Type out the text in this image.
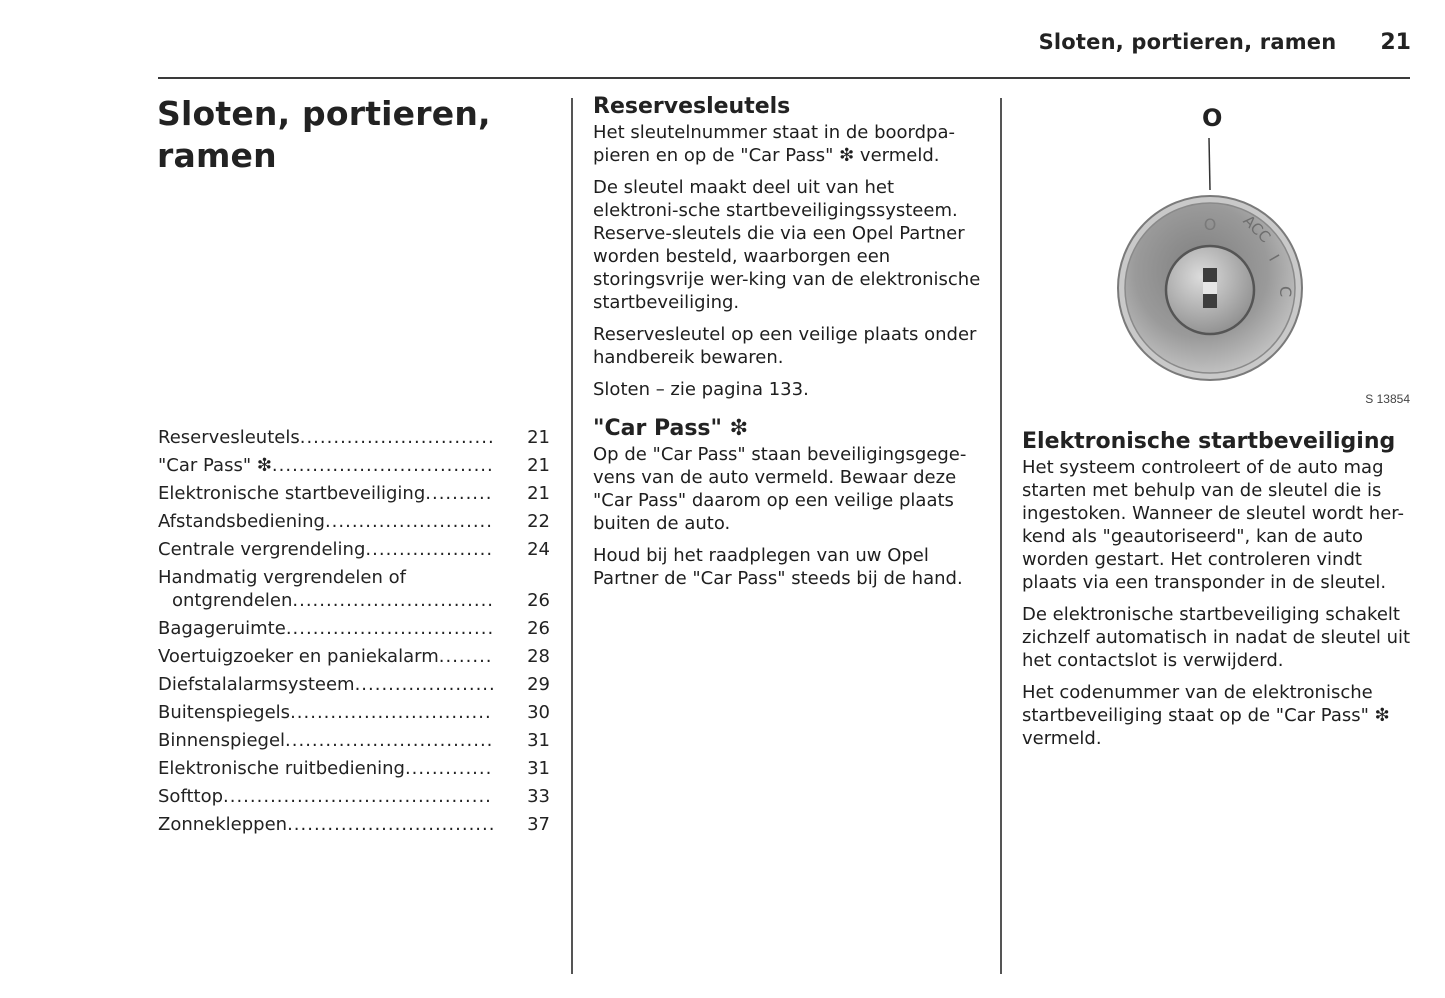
Sloten, portieren, ramen 21
Sloten, portieren, ramen
Reservesleutels .....	21
"Car Pass" ❇ .....	21
Elektronische startbeveiliging .....	21
Afstandsbediening .....	22
Centrale vergrendeling .....	24
Handmatig vergrendelen of
ontgrendelen .....	26
Bagageruimte .....	26
Voertuigzoeker en paniekalarm .....	28
Diefstalalarmsysteem .....	29
Buitenspiegels .....	30
Binnenspiegel .....	31
Elektronische ruitbediening .....	31
Softtop .....	33
Zonnekleppen .....	37
Reservesleutels

Het sleutelnummer staat in de boordpa-pieren en op de "Car Pass" ❇ vermeld.

De sleutel maakt deel uit van het elektroni-sche startbeveiligingssysteem. Reserve-sleutels die via een Opel Partner worden besteld, waarborgen een storingsvrije wer-king van de elektronische startbeveiliging.

Reservesleutel op een veilige plaats onder handbereik bewaren.

Sloten – zie pagina 133.

"Car Pass" ❇

Op de "Car Pass" staan beveiligingsgege-vens van de auto vermeld. Bewaar deze "Car Pass" daarom op een veilige plaats buiten de auto.

Houd bij het raadplegen van uw Opel Partner de "Car Pass" steeds bij de hand.

O
O ACC
I
C
S 13854
Elektronische startbeveiliging

Het systeem controleert of de auto mag starten met behulp van de sleutel die is ingestoken. Wanneer de sleutel wordt her-kend als "geautoriseerd", kan de auto worden gestart. Het controleren vindt plaats via een transponder in de sleutel.

De elektronische startbeveiliging schakelt zichzelf automatisch in nadat de sleutel uit het contactslot is verwijderd.

Het codenummer van de elektronische startbeveiliging staat op de "Car Pass" ❇ vermeld.
